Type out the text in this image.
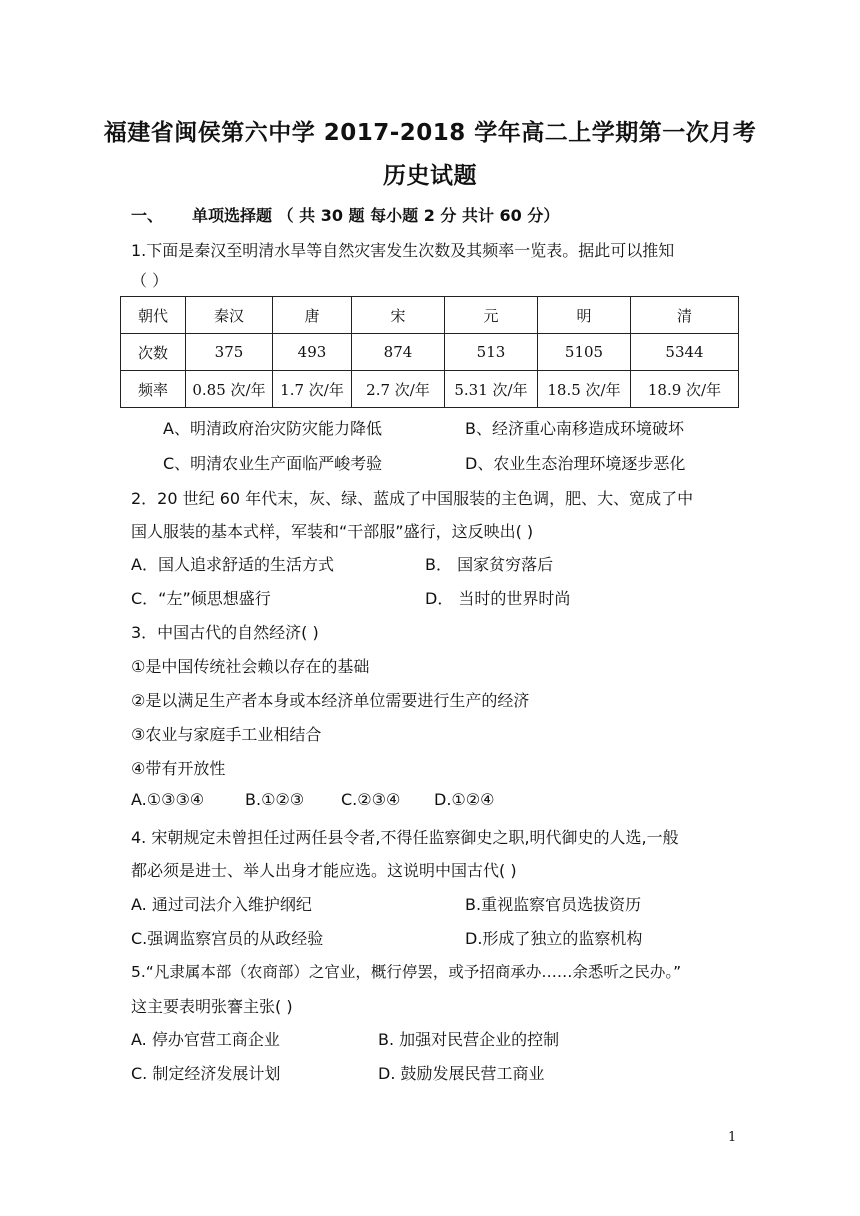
福建省闽侯第六中学 2017-2018 学年高二上学期第一次月考
历史试题
一、 单项选择题 （ 共 30 题 每小题 2 分 共计 60 分）
1.下面是秦汉至明清水旱等自然灾害发生次数及其频率一览表。据此可以推知
（ ）
朝代	秦汉	唐	宋	元	明	清
次数	375	493	874	513	5105	5344
频率	0.85 次/年	1.7 次/年	2.7 次/年	5.31 次/年	18.5 次/年	18.9 次/年
A、明清政府治灾防灾能力降低	B、经济重心南移造成环境破坏
C、明清农业生产面临严峻考验	D、农业生态治理环境逐步恶化
2．20 世纪 60 年代末，灰、绿、蓝成了中国服装的主色调，肥、大、宽成了中
国人服装的基本式样，军装和“干部服”盛行，这反映出( )
A．国人追求舒适的生活方式	B． 国家贫穷落后
C．“左”倾思想盛行	D． 当时的世界时尚
3．中国古代的自然经济( )
①是中国传统社会赖以存在的基础
②是以满足生产者本身或本经济单位需要进行生产的经济
③农业与家庭手工业相结合
④带有开放性
A.①③③④	B.①②③ C.②③④ D.①②④
4. 宋朝规定未曾担任过两任县令者,不得任监察御史之职,明代御史的人选,一般
都必须是进士、举人出身才能应选。这说明中国古代( )
A. 通过司法介入维护纲纪	B.重视监察官员选拔资历
C.强调监察宫员的从政经验	D.形成了独立的监察机构
5.“凡隶属本部（农商部）之官业，概行停罢，或予招商承办……余悉听之民办。”
这主要表明张謇主张( )
A. 停办官营工商企业	B. 加强对民营企业的控制
C. 制定经济发展计划	D. 鼓励发展民营工商业
1
